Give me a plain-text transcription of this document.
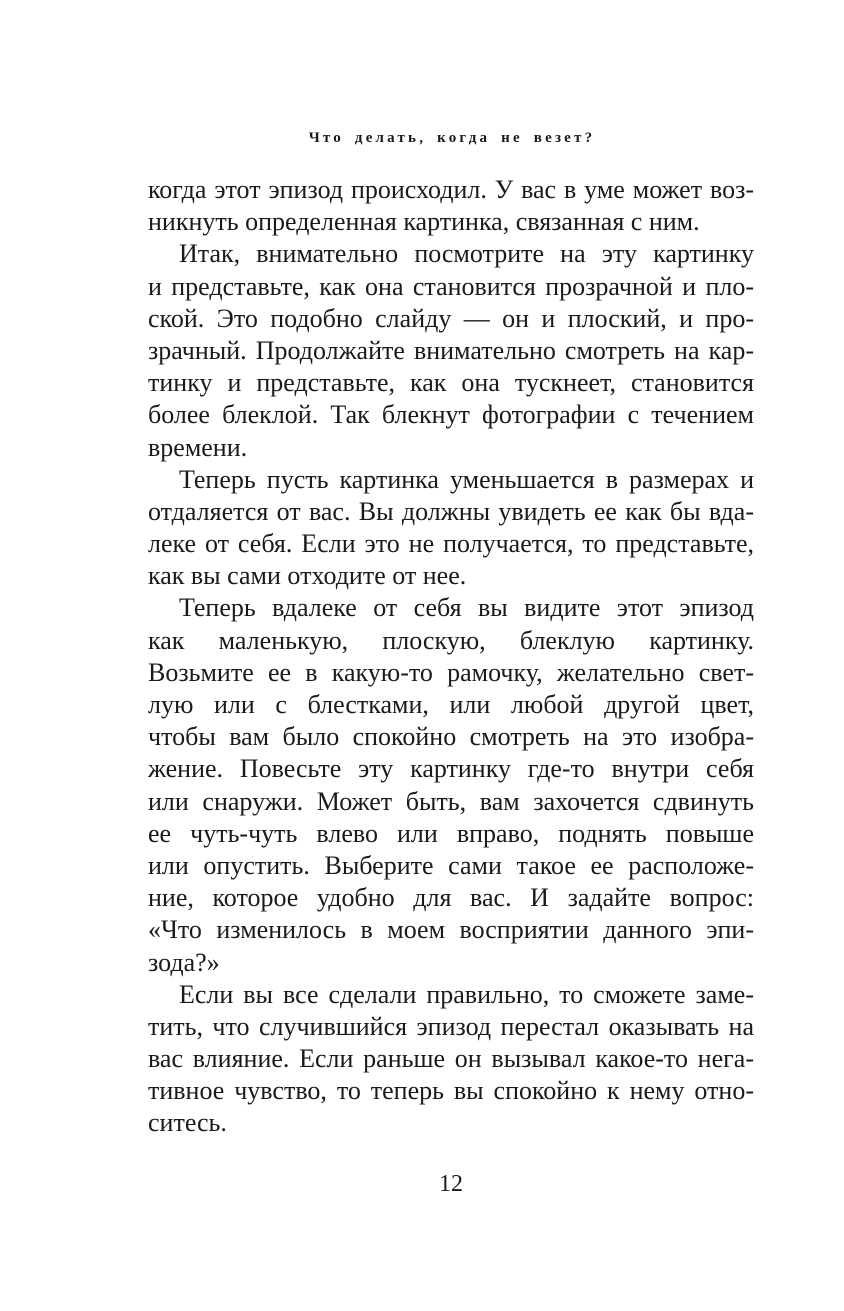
Что делать, когда не везет?
когда этот эпизод происходил. У вас в уме может воз-
никнуть определенная картинка, связанная с ним.
Итак, внимательно посмотрите на эту картинку
и представьте, как она становится прозрачной и пло-
ской. Это подобно слайду — он и плоский, и про-
зрачный. Продолжайте внимательно смотреть на кар-
тинку и представьте, как она тускнеет, становится
более блеклой. Так блекнут фотографии с течением
времени.
Теперь пусть картинка уменьшается в размерах и
отдаляется от вас. Вы должны увидеть ее как бы вда-
леке от себя. Если это не получается, то представьте,
как вы сами отходите от нее.
Теперь вдалеке от себя вы видите этот эпизод
как маленькую, плоскую, блеклую картинку.
Возьмите ее в какую-то рамочку, желательно свет-
лую или с блестками, или любой другой цвет,
чтобы вам было спокойно смотреть на это изобра-
жение. Повесьте эту картинку где-то внутри себя
или снаружи. Может быть, вам захочется сдвинуть
ее чуть-чуть влево или вправо, поднять повыше
или опустить. Выберите сами такое ее расположе-
ние, которое удобно для вас. И задайте вопрос:
«Что изменилось в моем восприятии данного эпи-
зода?»
Если вы все сделали правильно, то сможете заме-
тить, что случившийся эпизод перестал оказывать на
вас влияние. Если раньше он вызывал какое-то нега-
тивное чувство, то теперь вы спокойно к нему отно-
ситесь.
12
